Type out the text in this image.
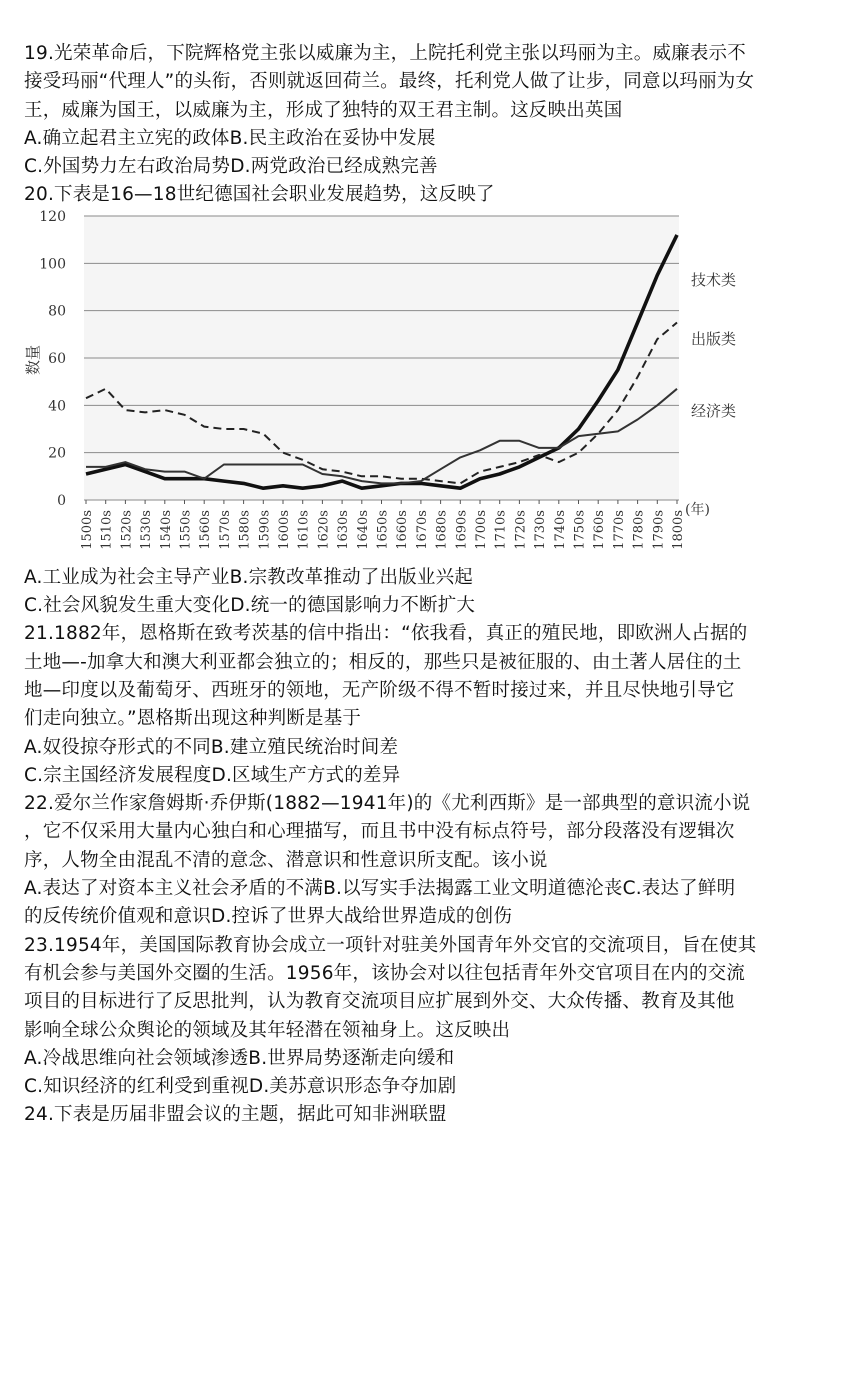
19.光荣革命后，下院辉格党主张以威廉为主，上院托利党主张以玛丽为主。威廉表示不

接受玛丽“代理人”的头衔，否则就返回荷兰。最终，托利党人做了让步，同意以玛丽为女

王，威廉为国王，以威廉为主，形成了独特的双王君主制。这反映出英国

A.确立起君主立宪的政体B.民主政治在妥协中发展

C.外国势力左右政治局势D.两党政治已经成熟完善

20.下表是16—18世纪德国社会职业发展趋势，这反映了

0
20
40
60
80
100
120
1500s 1510s 1520s 1530s 1540s 1550s 1560s 1570s 1580s 1590s 1600s 1610s 1620s 1630s 1640s 1650s 1660s 1670s 1680s 1690s 1700s 1710s 1720s 1730s 1740s 1750s 1760s 1770s 1780s 1790s 1800s (年)
数量
技术类
出版类
经济类

A.工业成为社会主导产业B.宗教改革推动了出版业兴起

C.社会风貌发生重大变化D.统一的德国影响力不断扩大

21.1882年，恩格斯在致考茨基的信中指出：“依我看，真正的殖民地，即欧洲人占据的

土地—-加拿大和澳大利亚都会独立的；相反的，那些只是被征服的、由土著人居住的土

地—印度以及葡萄牙、西班牙的领地，无产阶级不得不暂时接过来，并且尽快地引导它

们走向独立。”恩格斯出现这种判断是基于

A.奴役掠夺形式的不同B.建立殖民统治时间差

C.宗主国经济发展程度D.区域生产方式的差异

22.爱尔兰作家詹姆斯·乔伊斯(1882—1941年)的《尤利西斯》是一部典型的意识流小说

，它不仅采用大量内心独白和心理描写，而且书中没有标点符号，部分段落没有逻辑次

序，人物全由混乱不清的意念、潜意识和性意识所支配。该小说

A.表达了对资本主义社会矛盾的不满B.以写实手法揭露工业文明道德沦丧C.表达了鲜明

的反传统价值观和意识D.控诉了世界大战给世界造成的创伤

23.1954年，美国国际教育协会成立一项针对驻美外国青年外交官的交流项目，旨在使其

有机会参与美国外交圈的生活。1956年，该协会对以往包括青年外交官项目在内的交流

项目的目标进行了反思批判，认为教育交流项目应扩展到外交、大众传播、教育及其他

影响全球公众舆论的领域及其年轻潜在领袖身上。这反映出

A.冷战思维向社会领域渗透B.世界局势逐渐走向缓和

C.知识经济的红利受到重视D.美苏意识形态争夺加剧

24.下表是历届非盟会议的主题，据此可知非洲联盟
